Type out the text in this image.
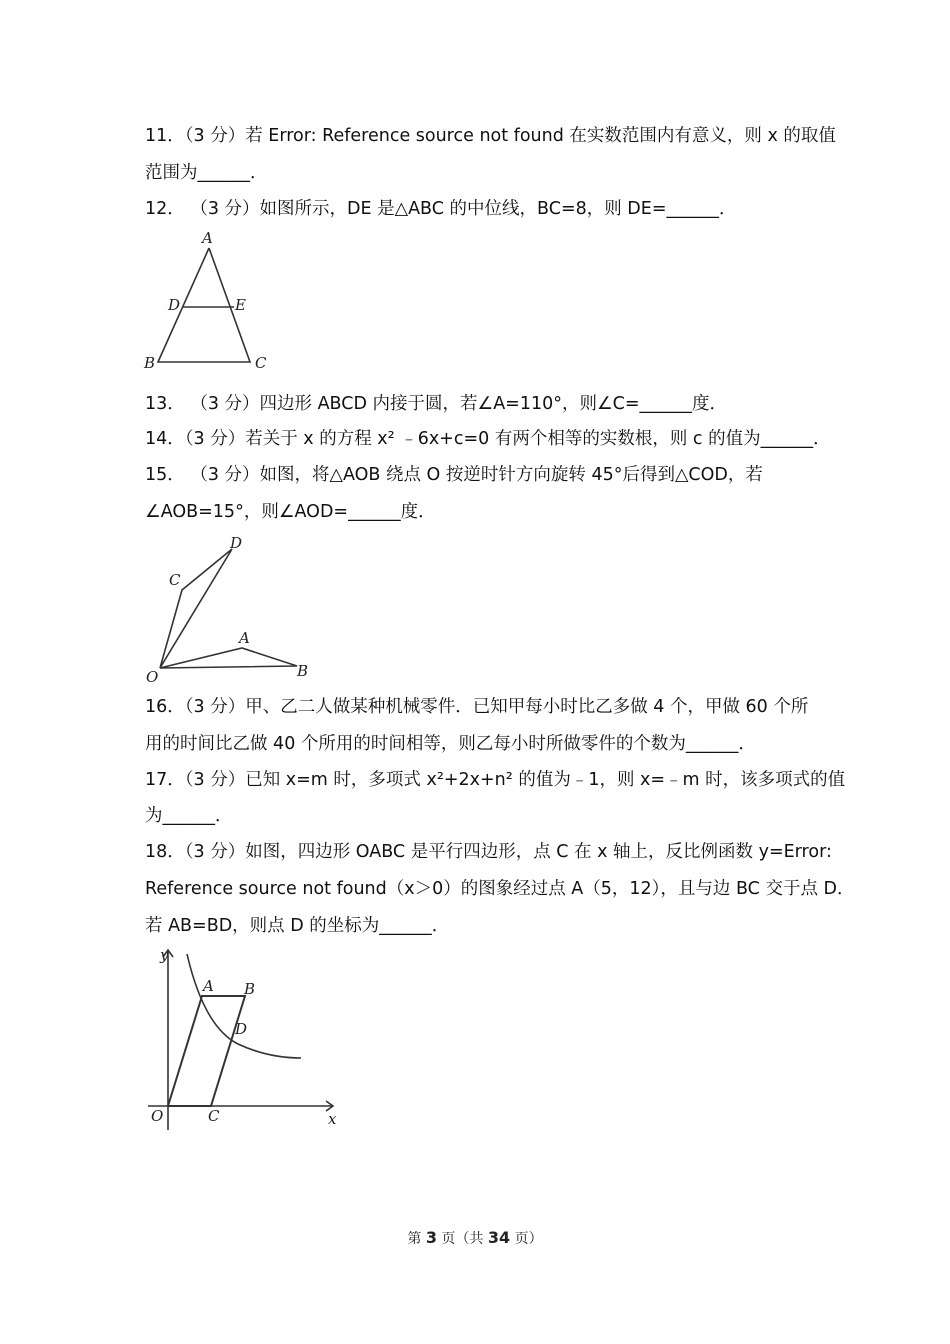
11．（3 分）若 Error: Reference source not found 在实数范围内有意义，则 x 的取值
范围为______．
12． （3 分）如图所示，DE 是△ABC 的中位线，BC=8，则 DE=______．
A
D	E
B	C
13． （3 分）四边形 ABCD 内接于圆，若∠A=110°，则∠C=______度．
14．（3 分）若关于 x 的方程 x² ﹣6x+c=0 有两个相等的实数根，则 c 的值为______．
15． （3 分）如图，将△AOB 绕点 O 按逆时针方向旋转 45°后得到△COD，若
∠AOB=15°，则∠AOD=______度．
D
C
A
B
O
16．（3 分）甲、乙二人做某种机械零件．已知甲每小时比乙多做 4 个，甲做 60 个所
用的时间比乙做 40 个所用的时间相等，则乙每小时所做零件的个数为______．
17．（3 分）已知 x=m 时，多项式 x²+2x+n² 的值为﹣1，则 x=﹣m 时，该多项式的值
为______．
18．（3 分）如图，四边形 OABC 是平行四边形，点 C 在 x 轴上，反比例函数 y=Error:
Reference source not found（x＞0）的图象经过点 A（5，12），且与边 BC 交于点 D．
若 AB=BD，则点 D 的坐标为______．
y
x
A B
D
O	C
第 3 页（共 34 页）
